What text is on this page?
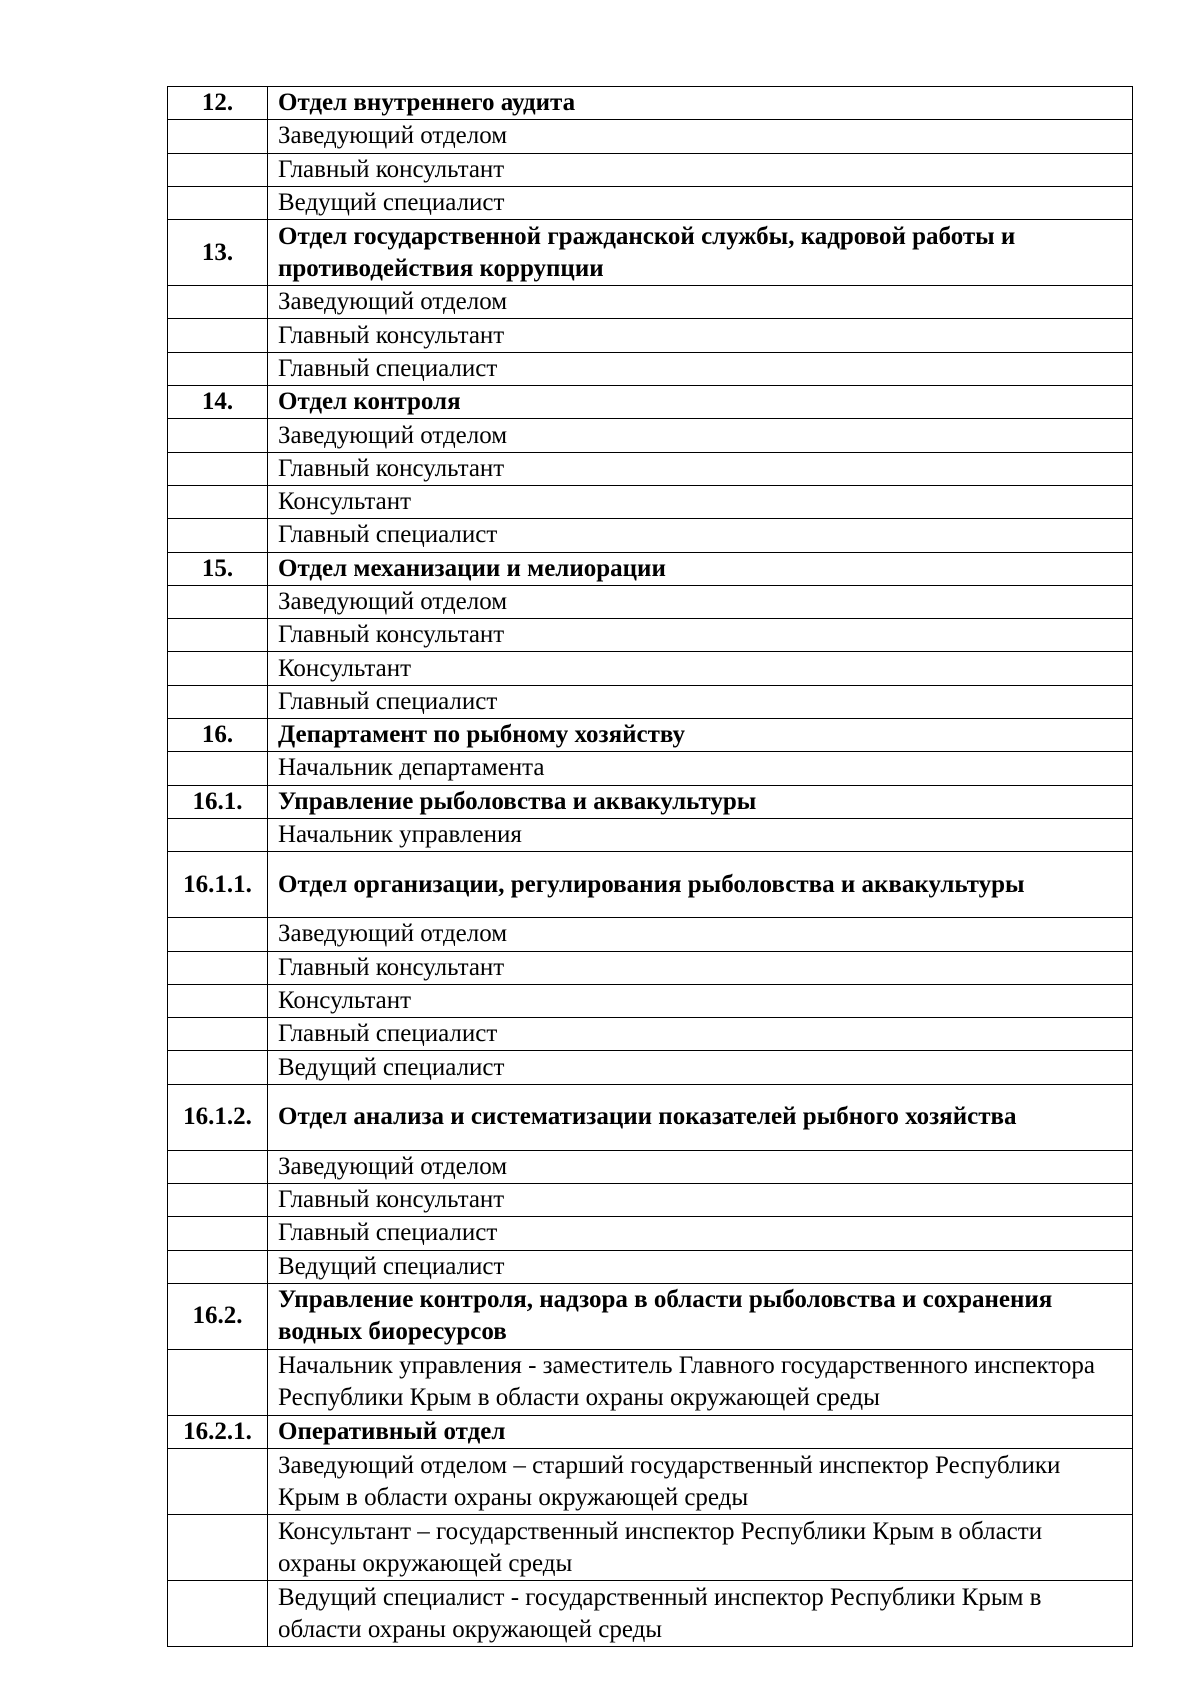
12.	Отдел внутреннего аудита
	Заведующий отделом
	Главный консультант
	Ведущий специалист
13.	Отдел государственной гражданской службы, кадровой работы и противодействия коррупции
	Заведующий отделом
	Главный консультант
	Главный специалист
14.	Отдел контроля
	Заведующий отделом
	Главный консультант
	Консультант
	Главный специалист
15.	Отдел механизации и мелиорации
	Заведующий отделом
	Главный консультант
	Консультант
	Главный специалист
16.	Департамент по рыбному хозяйству
	Начальник департамента
16.1.	Управление рыболовства и аквакультуры
	Начальник управления
16.1.1.	Отдел организации, регулирования рыболовства и аквакультуры
	Заведующий отделом
	Главный консультант
	Консультант
	Главный специалист
	Ведущий специалист
16.1.2.	Отдел анализа и систематизации показателей рыбного хозяйства
	Заведующий отделом
	Главный консультант
	Главный специалист
	Ведущий специалист
16.2.	Управление контроля, надзора в области рыболовства и сохранения водных биоресурсов
	Начальник управления - заместитель Главного государственного инспектора Республики Крым в области охраны окружающей среды
16.2.1.	Оперативный отдел
	Заведующий отделом – старший государственный инспектор Республики Крым в области охраны окружающей среды
	Консультант – государственный инспектор Республики Крым в области охраны окружающей среды
	Ведущий специалист - государственный инспектор Республики Крым в области охраны окружающей среды
